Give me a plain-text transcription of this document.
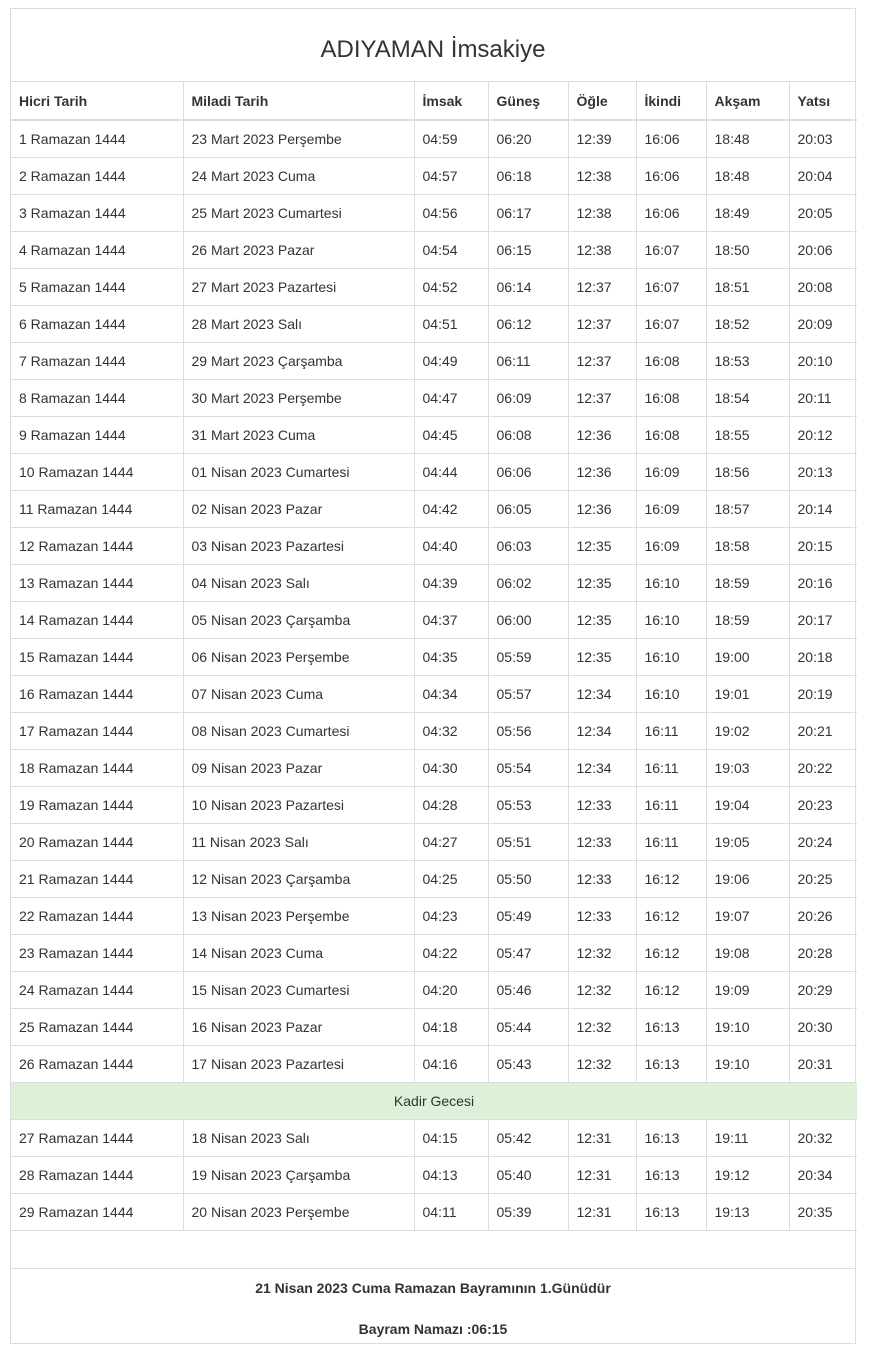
ADIYAMAN İmsakiye
Hicri Tarih	Miladi Tarih	İmsak	Güneş	Öğle	İkindi	Akşam	Yatsı
1 Ramazan 1444	23 Mart 2023 Perşembe	04:59	06:20	12:39	16:06	18:48	20:03
2 Ramazan 1444	24 Mart 2023 Cuma	04:57	06:18	12:38	16:06	18:48	20:04
3 Ramazan 1444	25 Mart 2023 Cumartesi	04:56	06:17	12:38	16:06	18:49	20:05
4 Ramazan 1444	26 Mart 2023 Pazar	04:54	06:15	12:38	16:07	18:50	20:06
5 Ramazan 1444	27 Mart 2023 Pazartesi	04:52	06:14	12:37	16:07	18:51	20:08
6 Ramazan 1444	28 Mart 2023 Salı	04:51	06:12	12:37	16:07	18:52	20:09
7 Ramazan 1444	29 Mart 2023 Çarşamba	04:49	06:11	12:37	16:08	18:53	20:10
8 Ramazan 1444	30 Mart 2023 Perşembe	04:47	06:09	12:37	16:08	18:54	20:11
9 Ramazan 1444	31 Mart 2023 Cuma	04:45	06:08	12:36	16:08	18:55	20:12
10 Ramazan 1444	01 Nisan 2023 Cumartesi	04:44	06:06	12:36	16:09	18:56	20:13
11 Ramazan 1444	02 Nisan 2023 Pazar	04:42	06:05	12:36	16:09	18:57	20:14
12 Ramazan 1444	03 Nisan 2023 Pazartesi	04:40	06:03	12:35	16:09	18:58	20:15
13 Ramazan 1444	04 Nisan 2023 Salı	04:39	06:02	12:35	16:10	18:59	20:16
14 Ramazan 1444	05 Nisan 2023 Çarşamba	04:37	06:00	12:35	16:10	18:59	20:17
15 Ramazan 1444	06 Nisan 2023 Perşembe	04:35	05:59	12:35	16:10	19:00	20:18
16 Ramazan 1444	07 Nisan 2023 Cuma	04:34	05:57	12:34	16:10	19:01	20:19
17 Ramazan 1444	08 Nisan 2023 Cumartesi	04:32	05:56	12:34	16:11	19:02	20:21
18 Ramazan 1444	09 Nisan 2023 Pazar	04:30	05:54	12:34	16:11	19:03	20:22
19 Ramazan 1444	10 Nisan 2023 Pazartesi	04:28	05:53	12:33	16:11	19:04	20:23
20 Ramazan 1444	11 Nisan 2023 Salı	04:27	05:51	12:33	16:11	19:05	20:24
21 Ramazan 1444	12 Nisan 2023 Çarşamba	04:25	05:50	12:33	16:12	19:06	20:25
22 Ramazan 1444	13 Nisan 2023 Perşembe	04:23	05:49	12:33	16:12	19:07	20:26
23 Ramazan 1444	14 Nisan 2023 Cuma	04:22	05:47	12:32	16:12	19:08	20:28
24 Ramazan 1444	15 Nisan 2023 Cumartesi	04:20	05:46	12:32	16:12	19:09	20:29
25 Ramazan 1444	16 Nisan 2023 Pazar	04:18	05:44	12:32	16:13	19:10	20:30
26 Ramazan 1444	17 Nisan 2023 Pazartesi	04:16	05:43	12:32	16:13	19:10	20:31
Kadir Gecesi							
27 Ramazan 1444	18 Nisan 2023 Salı	04:15	05:42	12:31	16:13	19:11	20:32
28 Ramazan 1444	19 Nisan 2023 Çarşamba	04:13	05:40	12:31	16:13	19:12	20:34
29 Ramazan 1444	20 Nisan 2023 Perşembe	04:11	05:39	12:31	16:13	19:13	20:35
21 Nisan 2023 Cuma Ramazan Bayramının 1.Günüdür
Bayram Namazı :06:15
